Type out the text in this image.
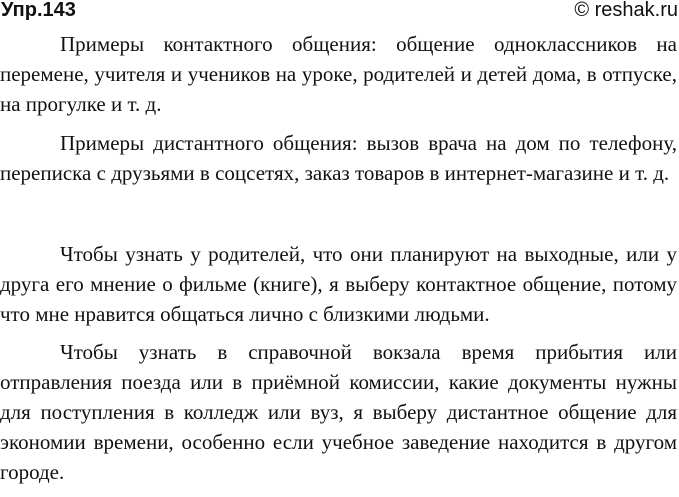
Упр.143	© reshak.ru

Примеры контактного общения: общение одноклассников на перемене, учителя и учеников на уроке, родителей и детей дома, в отпуске, на прогулке и т. д.

Примеры дистантного общения: вызов врача на дом по телефону, переписка с друзьями в соцсетях, заказ товаров в интернет-магазине и т. д.

Чтобы узнать у родителей, что они планируют на выходные, или у друга его мнение о фильме (книге), я выберу контактное общение, потому что мне нравится общаться лично с близкими людьми.

Чтобы узнать в справочной вокзала время прибытия или отправления поезда или в приёмной комиссии, какие документы нужны для поступления в колледж или вуз, я выберу дистантное общение для экономии времени, особенно если учебное заведение находится в другом городе.
